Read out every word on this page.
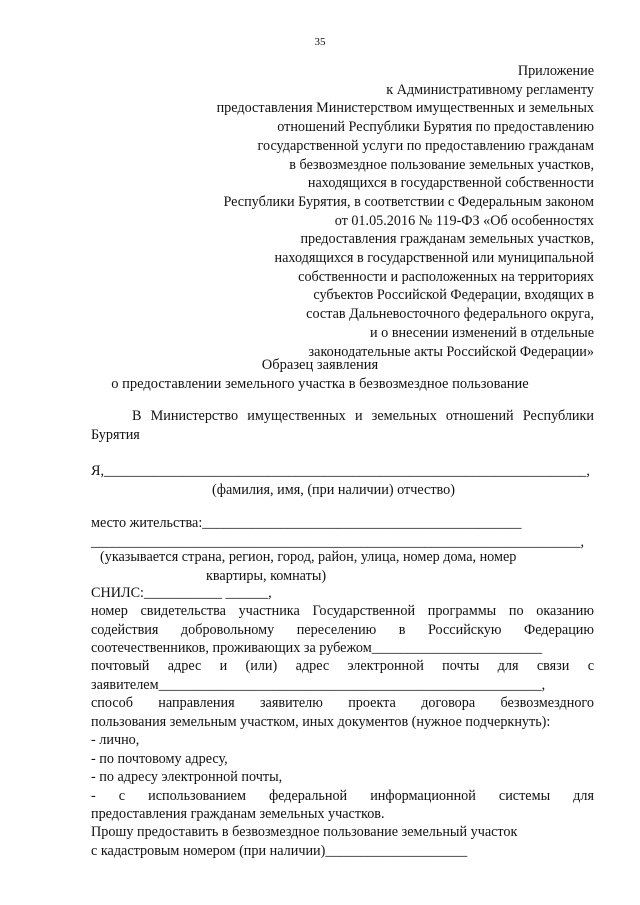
35
Приложение
к Административному регламенту
предоставления Министерством имущественных и земельных
отношений Республики Бурятия по предоставлению
государственной услуги по предоставлению гражданам
в безвозмездное пользование земельных участков,
находящихся в государственной собственности
Республики Бурятия, в соответствии с Федеральным законом
от 01.05.2016 № 119-ФЗ «Об особенностях
предоставления гражданам земельных участков,
находящихся в государственной или муниципальной
собственности и расположенных на территориях
субъектов Российской Федерации, входящих в
состав Дальневосточного федерального округа,
и о внесении изменений в отдельные
законодательные акты Российской Федерации»
Образец заявления
о предоставлении земельного участка в безвозмездное пользование
В Министерство имущественных и земельных отношений Республики
Бурятия
Я,____________________________________________________________________,
(фамилия, имя, (при наличии) отчество)
место жительства:_____________________________________________
_____________________________________________________________________,
(указывается страна, регион, город, район, улица, номер дома, номер
квартиры, комнаты)
СНИЛС:___________ ______,
номер свидетельства участника Государственной программы по оказанию
содействия добровольному переселению в Российскую Федерацию
соотечественников, проживающих за рубежом________________________
почтовый адрес и (или) адрес электронной почты для связи с
заявителем______________________________________________________,
способ направления заявителю проекта договора безвозмездного
пользования земельным участком, иных документов (нужное подчеркнуть):
- лично,
- по почтовому адресу,
- по адресу электронной почты,
- с использованием федеральной информационной системы для
предоставления гражданам земельных участков.
Прошу предоставить в безвозмездное пользование земельный участок
с кадастровым номером (при наличии)____________________
